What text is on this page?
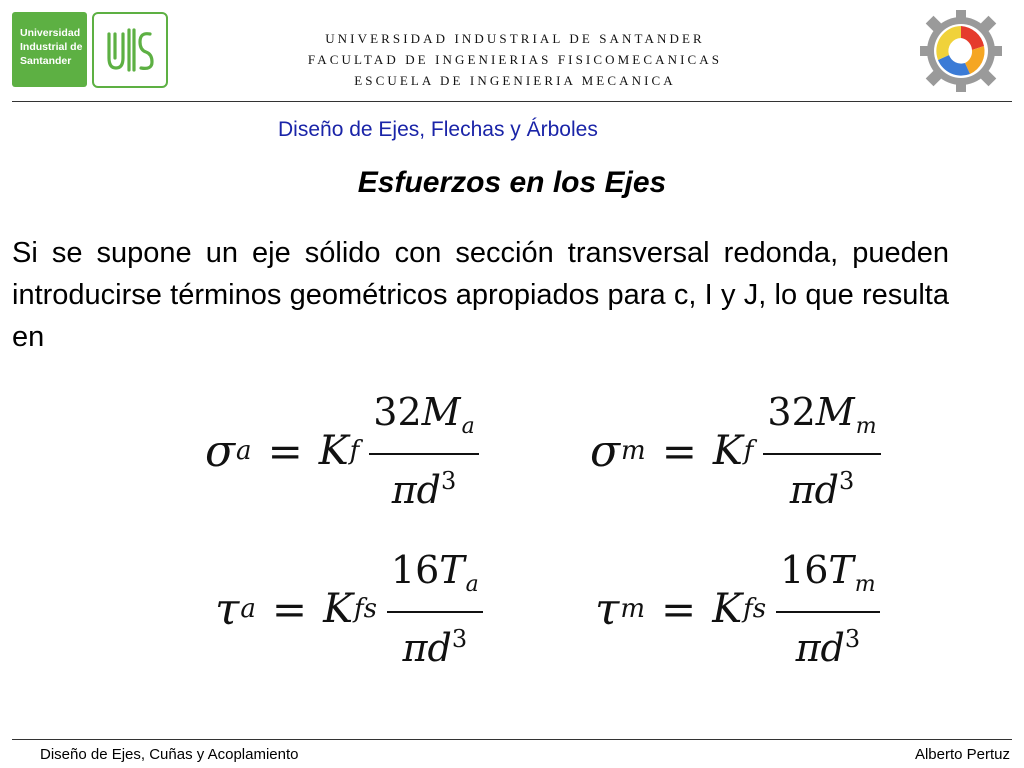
Universidad
Industrial de
Santander
UNIVERSIDAD INDUSTRIAL DE SANTANDER
FACULTAD DE INGENIERIAS FISICOMECANICAS
ESCUELA DE INGENIERIA MECANICA
Diseño de Ejes, Flechas y Árboles
Esfuerzos en los Ejes
Si se supone un eje sólido con sección transversal redonda, pueden introducirse términos geométricos apropiados para c, I y J, lo que resulta en
σ a = K f $\frac{32M_a}{\pi d^3}$	σ m = K f $\frac{32M_m}{\pi d^3}$
τ a = K fs $\frac{16T_a}{\pi d^3}$	τ m = K fs $\frac{16T_m}{\pi d^3}$
Diseño de Ejes, Cuñas y Acoplamiento	Alberto Pertuz
